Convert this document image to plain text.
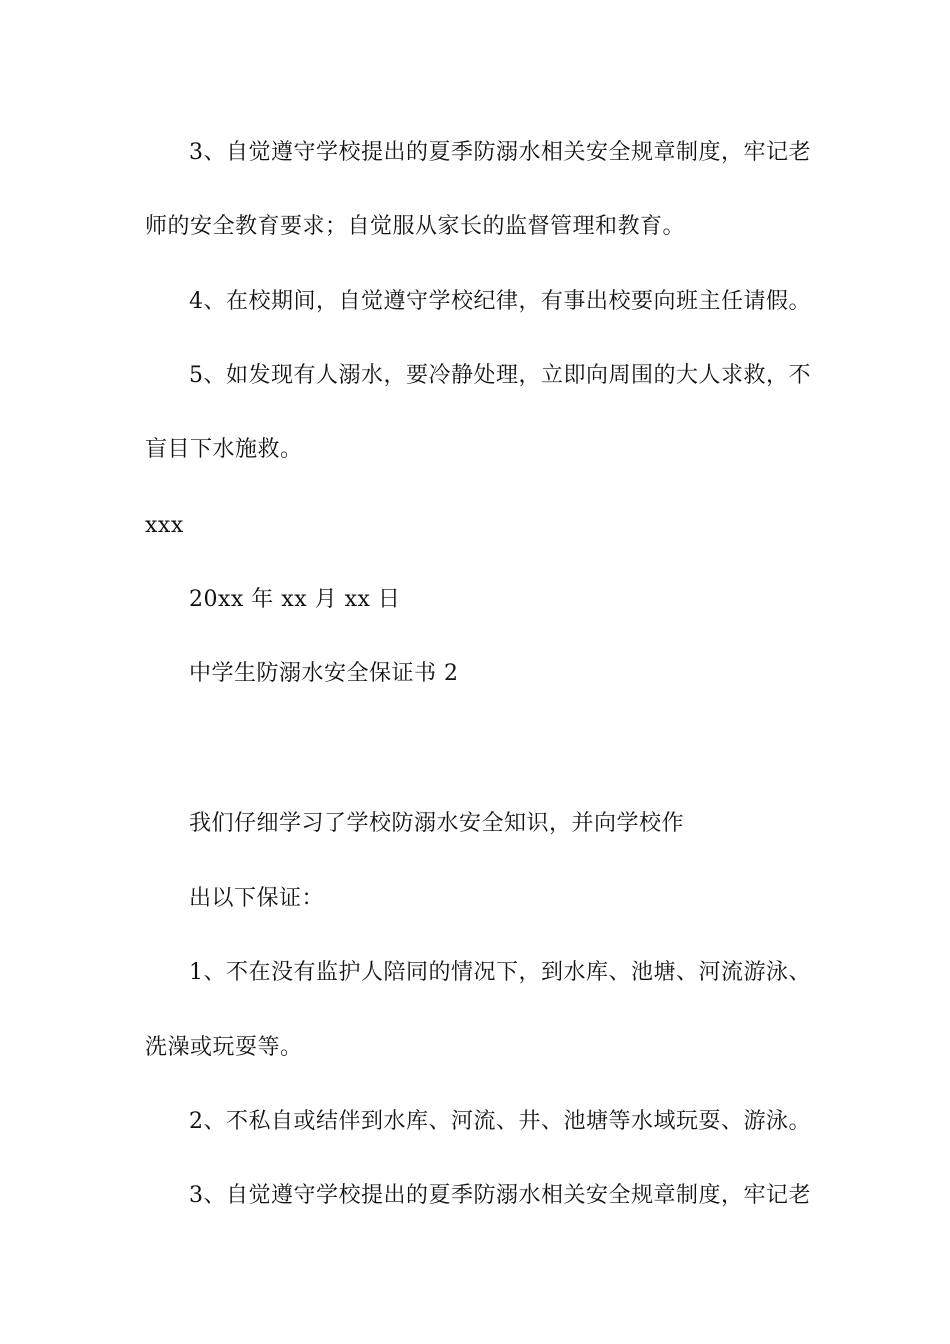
3、自觉遵守学校提出的夏季防溺水相关安全规章制度，牢记老
师的安全教育要求；自觉服从家长的监督管理和教育。
4、在校期间，自觉遵守学校纪律，有事出校要向班主任请假。
5、如发现有人溺水，要冷静处理，立即向周围的大人求救，不
盲目下水施救。
xxx
20xx 年 xx 月 xx 日
中学生防溺水安全保证书 2
我们仔细学习了学校防溺水安全知识，并向学校作
出以下保证：
1、不在没有监护人陪同的情况下，到水库、池塘、河流游泳、
洗澡或玩耍等。
2、不私自或结伴到水库、河流、井、池塘等水域玩耍、游泳。
3、自觉遵守学校提出的夏季防溺水相关安全规章制度，牢记老
